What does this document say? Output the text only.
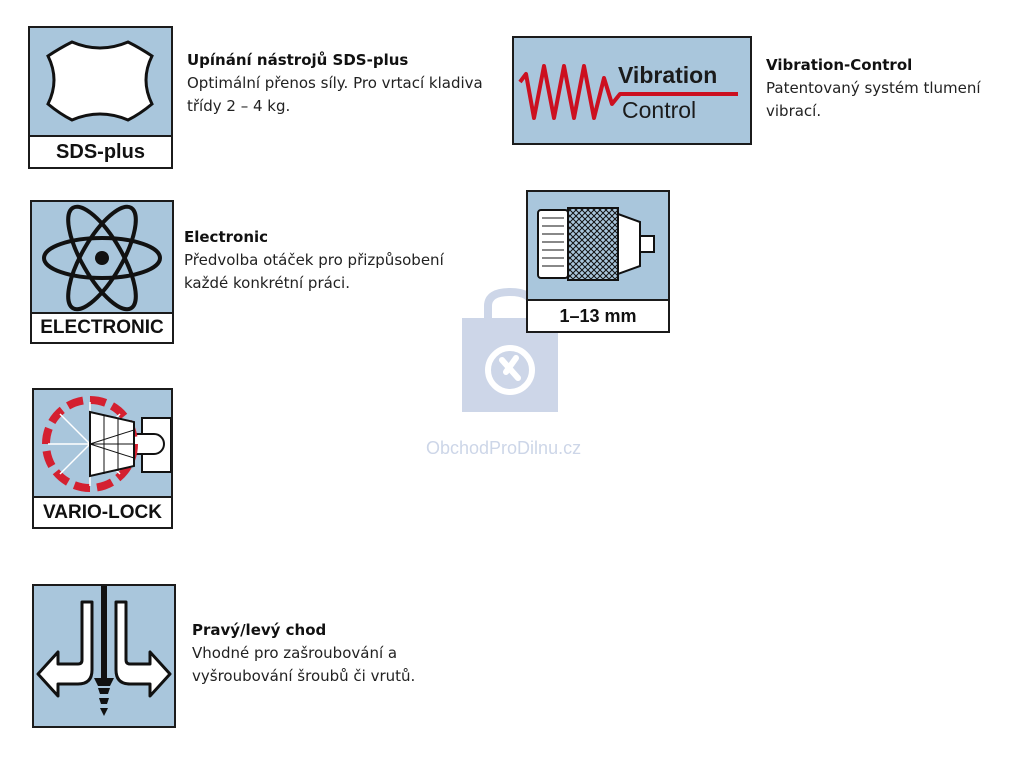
ObchodProDilnu.cz
SDS-plus
Upínání nástrojů SDS-plus
Optimální přenos síly. Pro vrtací kladiva
třídy 2 – 4 kg.
ELECTRONIC
Electronic
Předvolba otáček pro přizpůsobení
každé konkrétní práci.
VARIO-LOCK
Pravý/levý chod
Vhodné pro zašroubování a
vyšroubování šroubů či vrutů.
Vibration
Control
Vibration-Control
Patentovaný systém tlumení
vibrací.
1–13 mm
